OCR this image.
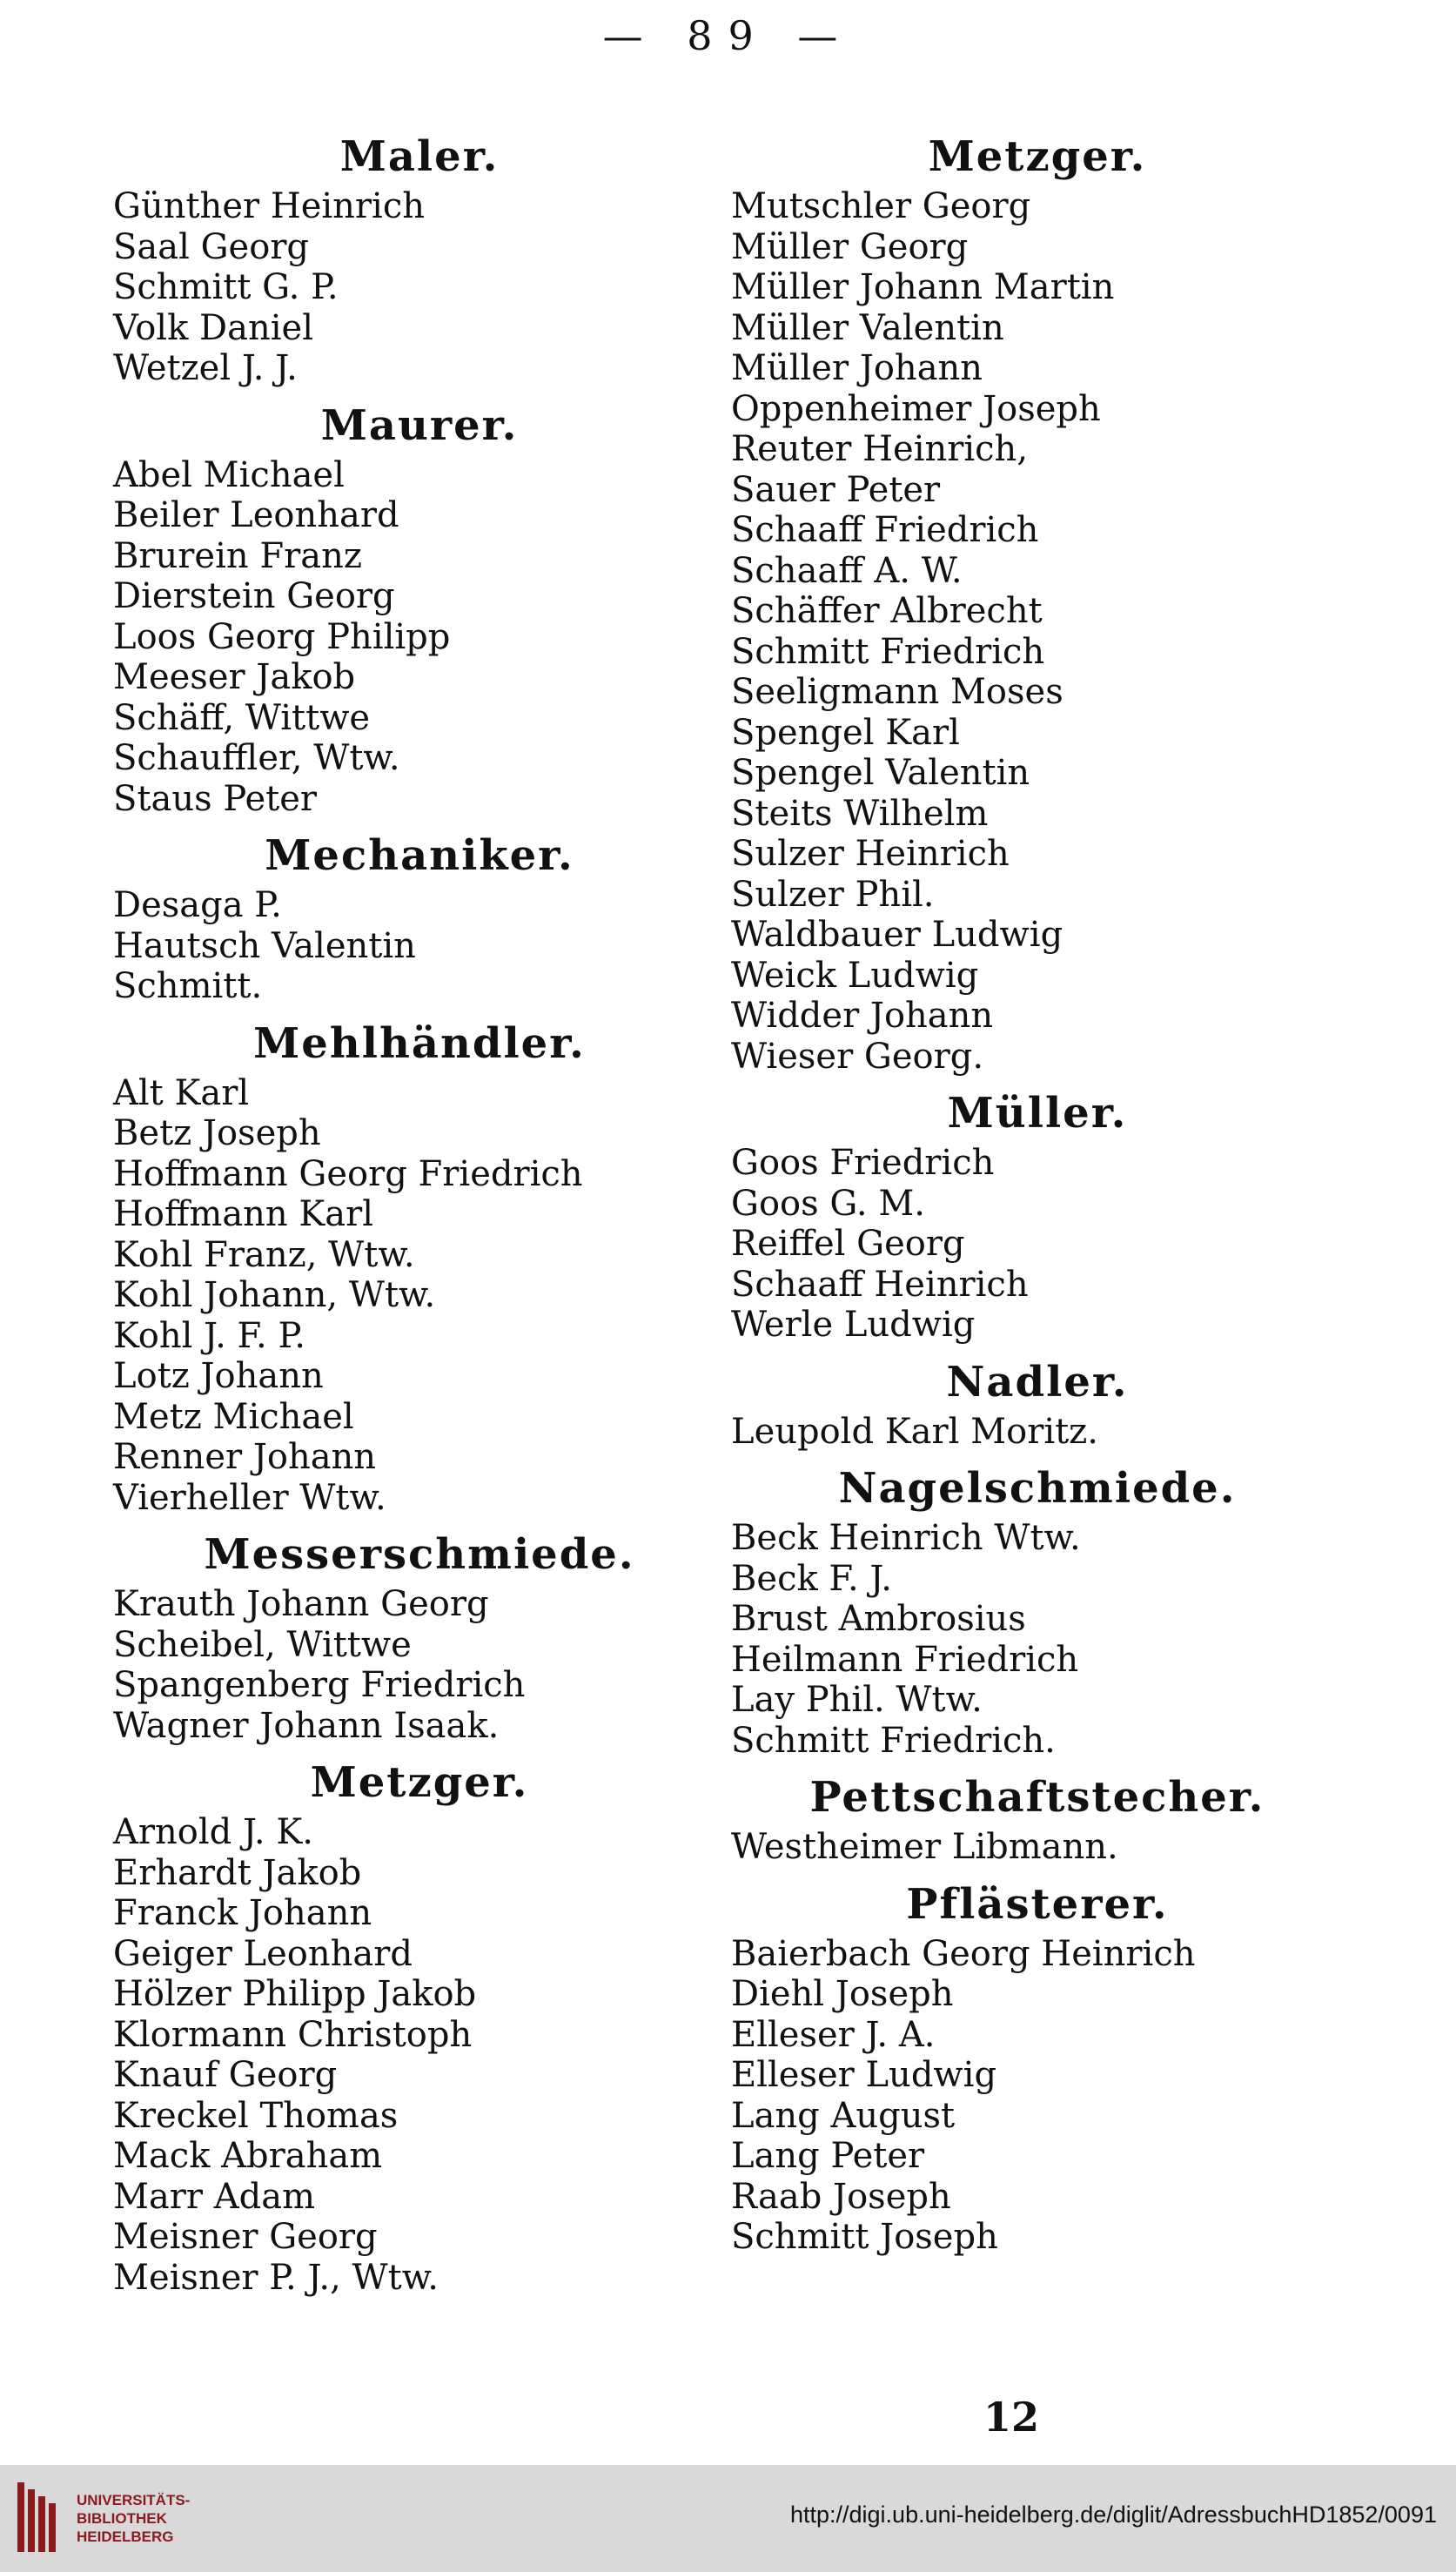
— 89 —
Maler.
Günther Heinrich
Saal Georg
Schmitt G. P.
Volk Daniel
Wetzel J. J.
Maurer.
Abel Michael
Beiler Leonhard
Brurein Franz
Dierstein Georg
Loos Georg Philipp
Meeser Jakob
Schäff, Wittwe
Schauffler, Wtw.
Staus Peter
Mechaniker.
Desaga P.
Hautsch Valentin
Schmitt.
Mehlhändler.
Alt Karl
Betz Joseph
Hoffmann Georg Friedrich
Hoffmann Karl
Kohl Franz, Wtw.
Kohl Johann, Wtw.
Kohl J. F. P.
Lotz Johann
Metz Michael
Renner Johann
Vierheller Wtw.
Messerschmiede.
Krauth Johann Georg
Scheibel, Wittwe
Spangenberg Friedrich
Wagner Johann Isaak.
Metzger.
Arnold J. K.
Erhardt Jakob
Franck Johann
Geiger Leonhard
Hölzer Philipp Jakob
Klormann Christoph
Knauf Georg
Kreckel Thomas
Mack Abraham
Marr Adam
Meisner Georg
Meisner P. J., Wtw.
Metzger.
Mutschler Georg
Müller Georg
Müller Johann Martin
Müller Valentin
Müller Johann
Oppenheimer Joseph
Reuter Heinrich,
Sauer Peter
Schaaff Friedrich
Schaaff A. W.
Schäffer Albrecht
Schmitt Friedrich
Seeligmann Moses
Spengel Karl
Spengel Valentin
Steits Wilhelm
Sulzer Heinrich
Sulzer Phil.
Waldbauer Ludwig
Weick Ludwig
Widder Johann
Wieser Georg.
Müller.
Goos Friedrich
Goos G. M.
Reiffel Georg
Schaaff Heinrich
Werle Ludwig
Nadler.
Leupold Karl Moritz.
Nagelschmiede.
Beck Heinrich Wtw.
Beck F. J.
Brust Ambrosius
Heilmann Friedrich
Lay Phil. Wtw.
Schmitt Friedrich.
Pettschaftstecher.
Westheimer Libmann.
Pflästerer.
Baierbach Georg Heinrich
Diehl Joseph
Elleser J. A.
Elleser Ludwig
Lang August
Lang Peter
Raab Joseph
Schmitt Joseph
12
UNIVERSITÄTS-
BIBLIOTHEK
HEIDELBERG
http://digi.ub.uni-heidelberg.de/diglit/AdressbuchHD1852/0091
